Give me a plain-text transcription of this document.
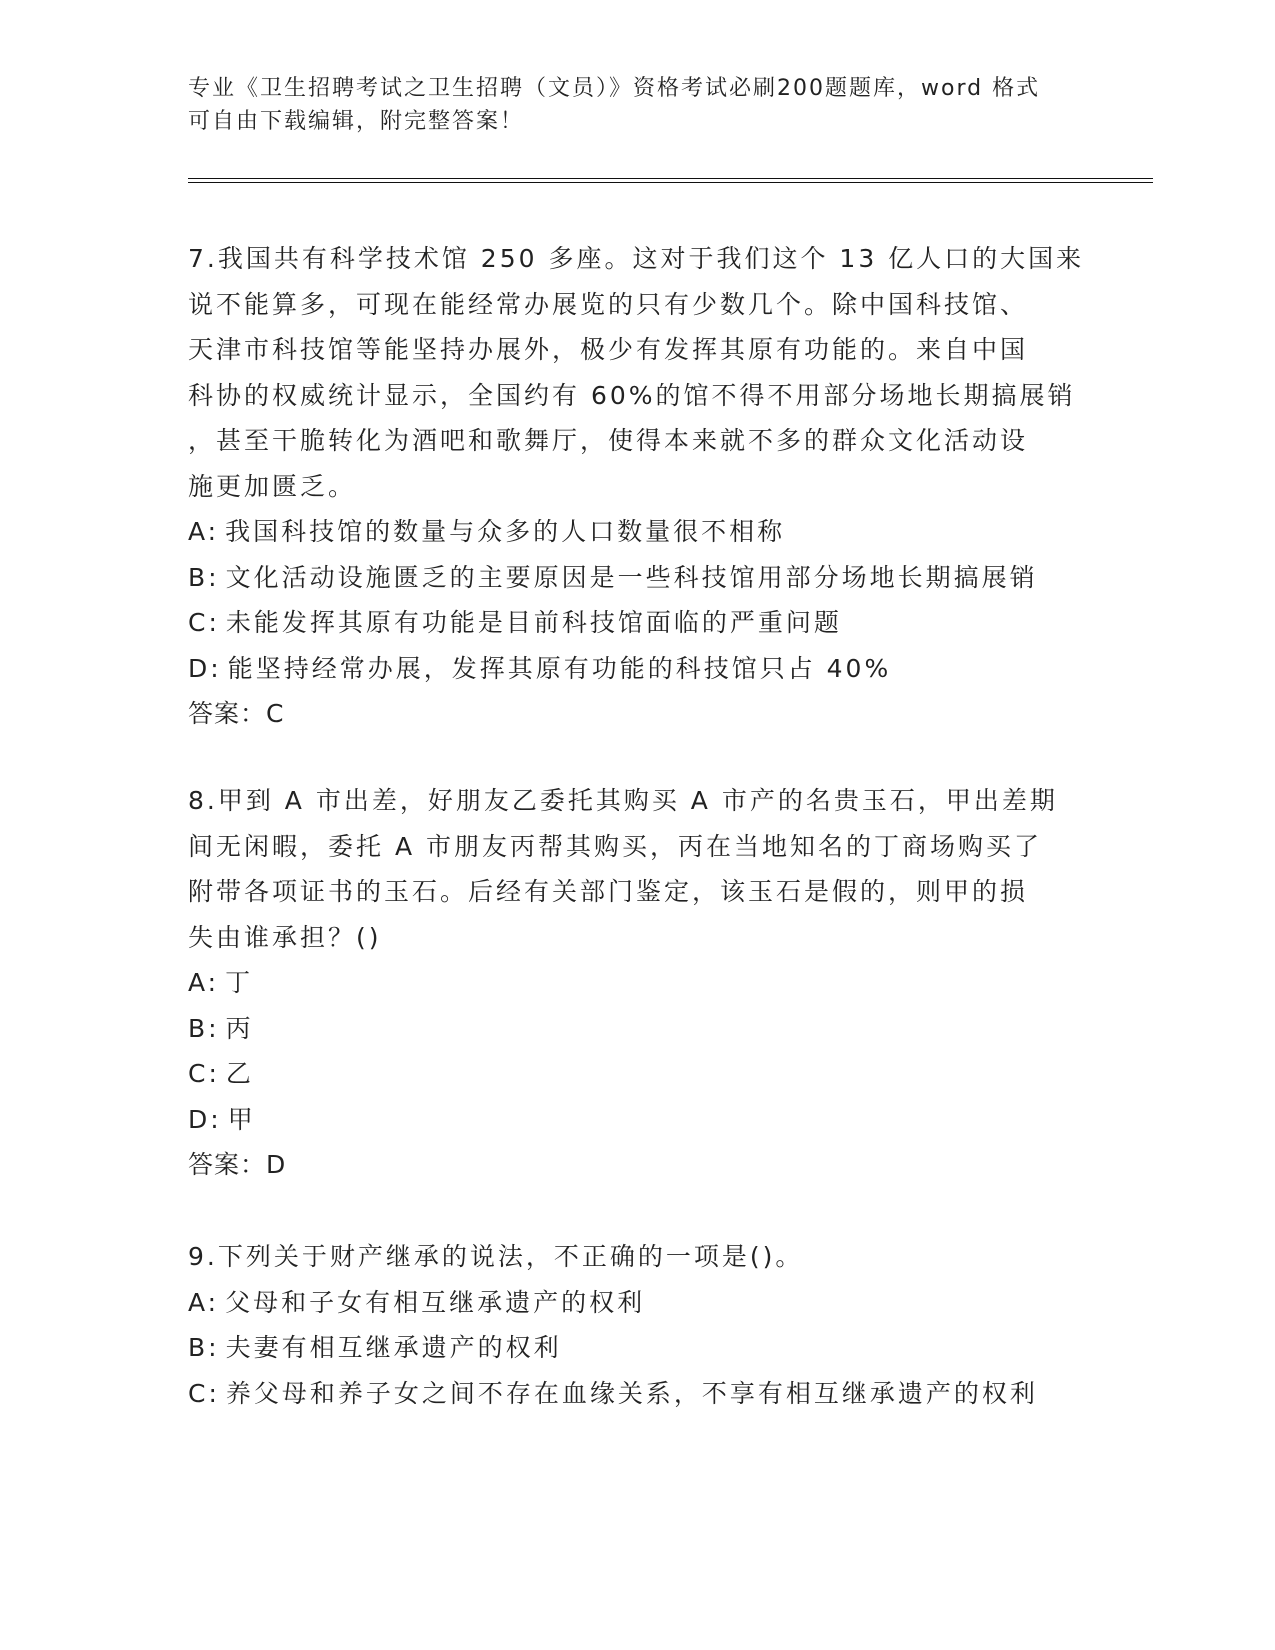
专业《卫生招聘考试之卫生招聘（文员）》资格考试必刷200题题库，word 格式
可自由下载编辑，附完整答案！
7.我国共有科学技术馆 250 多座。这对于我们这个 13 亿人口的大国来
说不能算多，可现在能经常办展览的只有少数几个。除中国科技馆、
天津市科技馆等能坚持办展外，极少有发挥其原有功能的。来自中国
科协的权威统计显示，全国约有 60%的馆不得不用部分场地长期搞展销
，甚至干脆转化为酒吧和歌舞厅，使得本来就不多的群众文化活动设
施更加匮乏。
A: 我国科技馆的数量与众多的人口数量很不相称
B: 文化活动设施匮乏的主要原因是一些科技馆用部分场地长期搞展销
C: 未能发挥其原有功能是目前科技馆面临的严重问题
D: 能坚持经常办展，发挥其原有功能的科技馆只占 40%
答案：C
8.甲到 A 市出差，好朋友乙委托其购买 A 市产的名贵玉石，甲出差期
间无闲暇，委托 A 市朋友丙帮其购买，丙在当地知名的丁商场购买了
附带各项证书的玉石。后经有关部门鉴定，该玉石是假的，则甲的损
失由谁承担？()
A: 丁
B: 丙
C: 乙
D: 甲
答案：D
9.下列关于财产继承的说法，不正确的一项是()。
A: 父母和子女有相互继承遗产的权利
B: 夫妻有相互继承遗产的权利
C: 养父母和养子女之间不存在血缘关系，不享有相互继承遗产的权利
